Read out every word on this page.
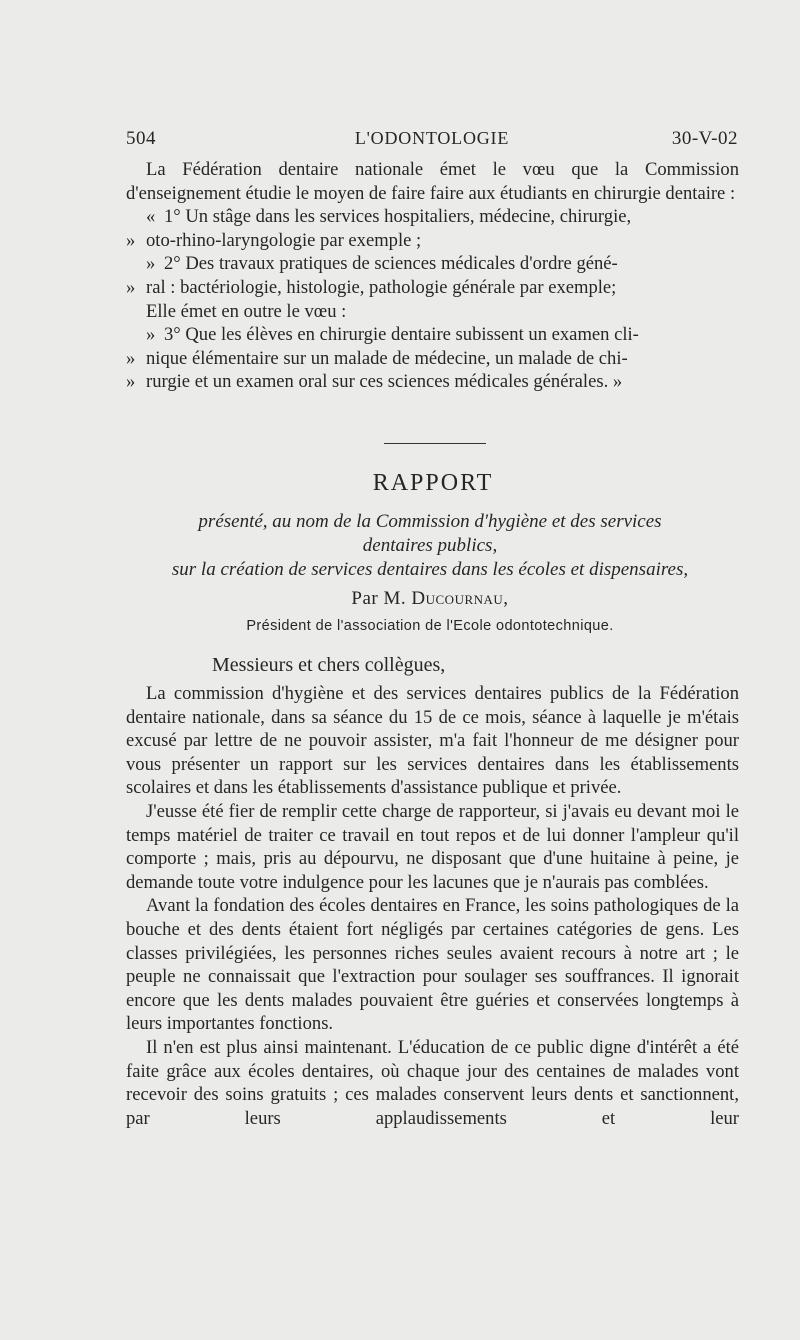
504	L'ODONTOLOGIE	30-V-02

La Fédération dentaire nationale émet le vœu que la Commission d'enseignement étudie le moyen de faire faire aux étudiants en chirurgie dentaire :

« 1° Un stâge dans les services hospitaliers, médecine, chirurgie,

» oto-rhino-laryngologie par exemple ;

» 2° Des travaux pratiques de sciences médicales d'ordre géné-

» ral : bactériologie, histologie, pathologie générale par exemple;

Elle émet en outre le vœu :

» 3° Que les élèves en chirurgie dentaire subissent un examen cli-

» nique élémentaire sur un malade de médecine, un malade de chi-

» rurgie et un examen oral sur ces sciences médicales générales. »

RAPPORT
présenté, au nom de la Commission d'hygiène et des services
dentaires publics,
sur la création de services dentaires dans les écoles et dispensaires,
Par M. Ducournau,
Président de l'association de l'Ecole odontotechnique.
Messieurs et chers collègues,

La commission d'hygiène et des services dentaires publics de la Fédération dentaire nationale, dans sa séance du 15 de ce mois, séance à laquelle je m'étais excusé par lettre de ne pouvoir assister, m'a fait l'honneur de me désigner pour vous présenter un rapport sur les services dentaires dans les établissements scolaires et dans les établissements d'assistance publique et privée.

J'eusse été fier de remplir cette charge de rapporteur, si j'avais eu devant moi le temps matériel de traiter ce travail en tout repos et de lui donner l'ampleur qu'il comporte ; mais, pris au dépourvu, ne disposant que d'une huitaine à peine, je demande toute votre indulgence pour les lacunes que je n'aurais pas comblées.

Avant la fondation des écoles dentaires en France, les soins pathologiques de la bouche et des dents étaient fort négligés par certaines catégories de gens. Les classes privilégiées, les personnes riches seules avaient recours à notre art ; le peuple ne connaissait que l'extraction pour soulager ses souffrances. Il ignorait encore que les dents malades pouvaient être guéries et conservées longtemps à leurs importantes fonctions.

Il n'en est plus ainsi maintenant. L'éducation de ce public digne d'intérêt a été faite grâce aux écoles dentaires, où chaque jour des centaines de malades vont recevoir des soins gratuits ; ces malades conservent leurs dents et sanctionnent, par leurs applaudissements et leur
